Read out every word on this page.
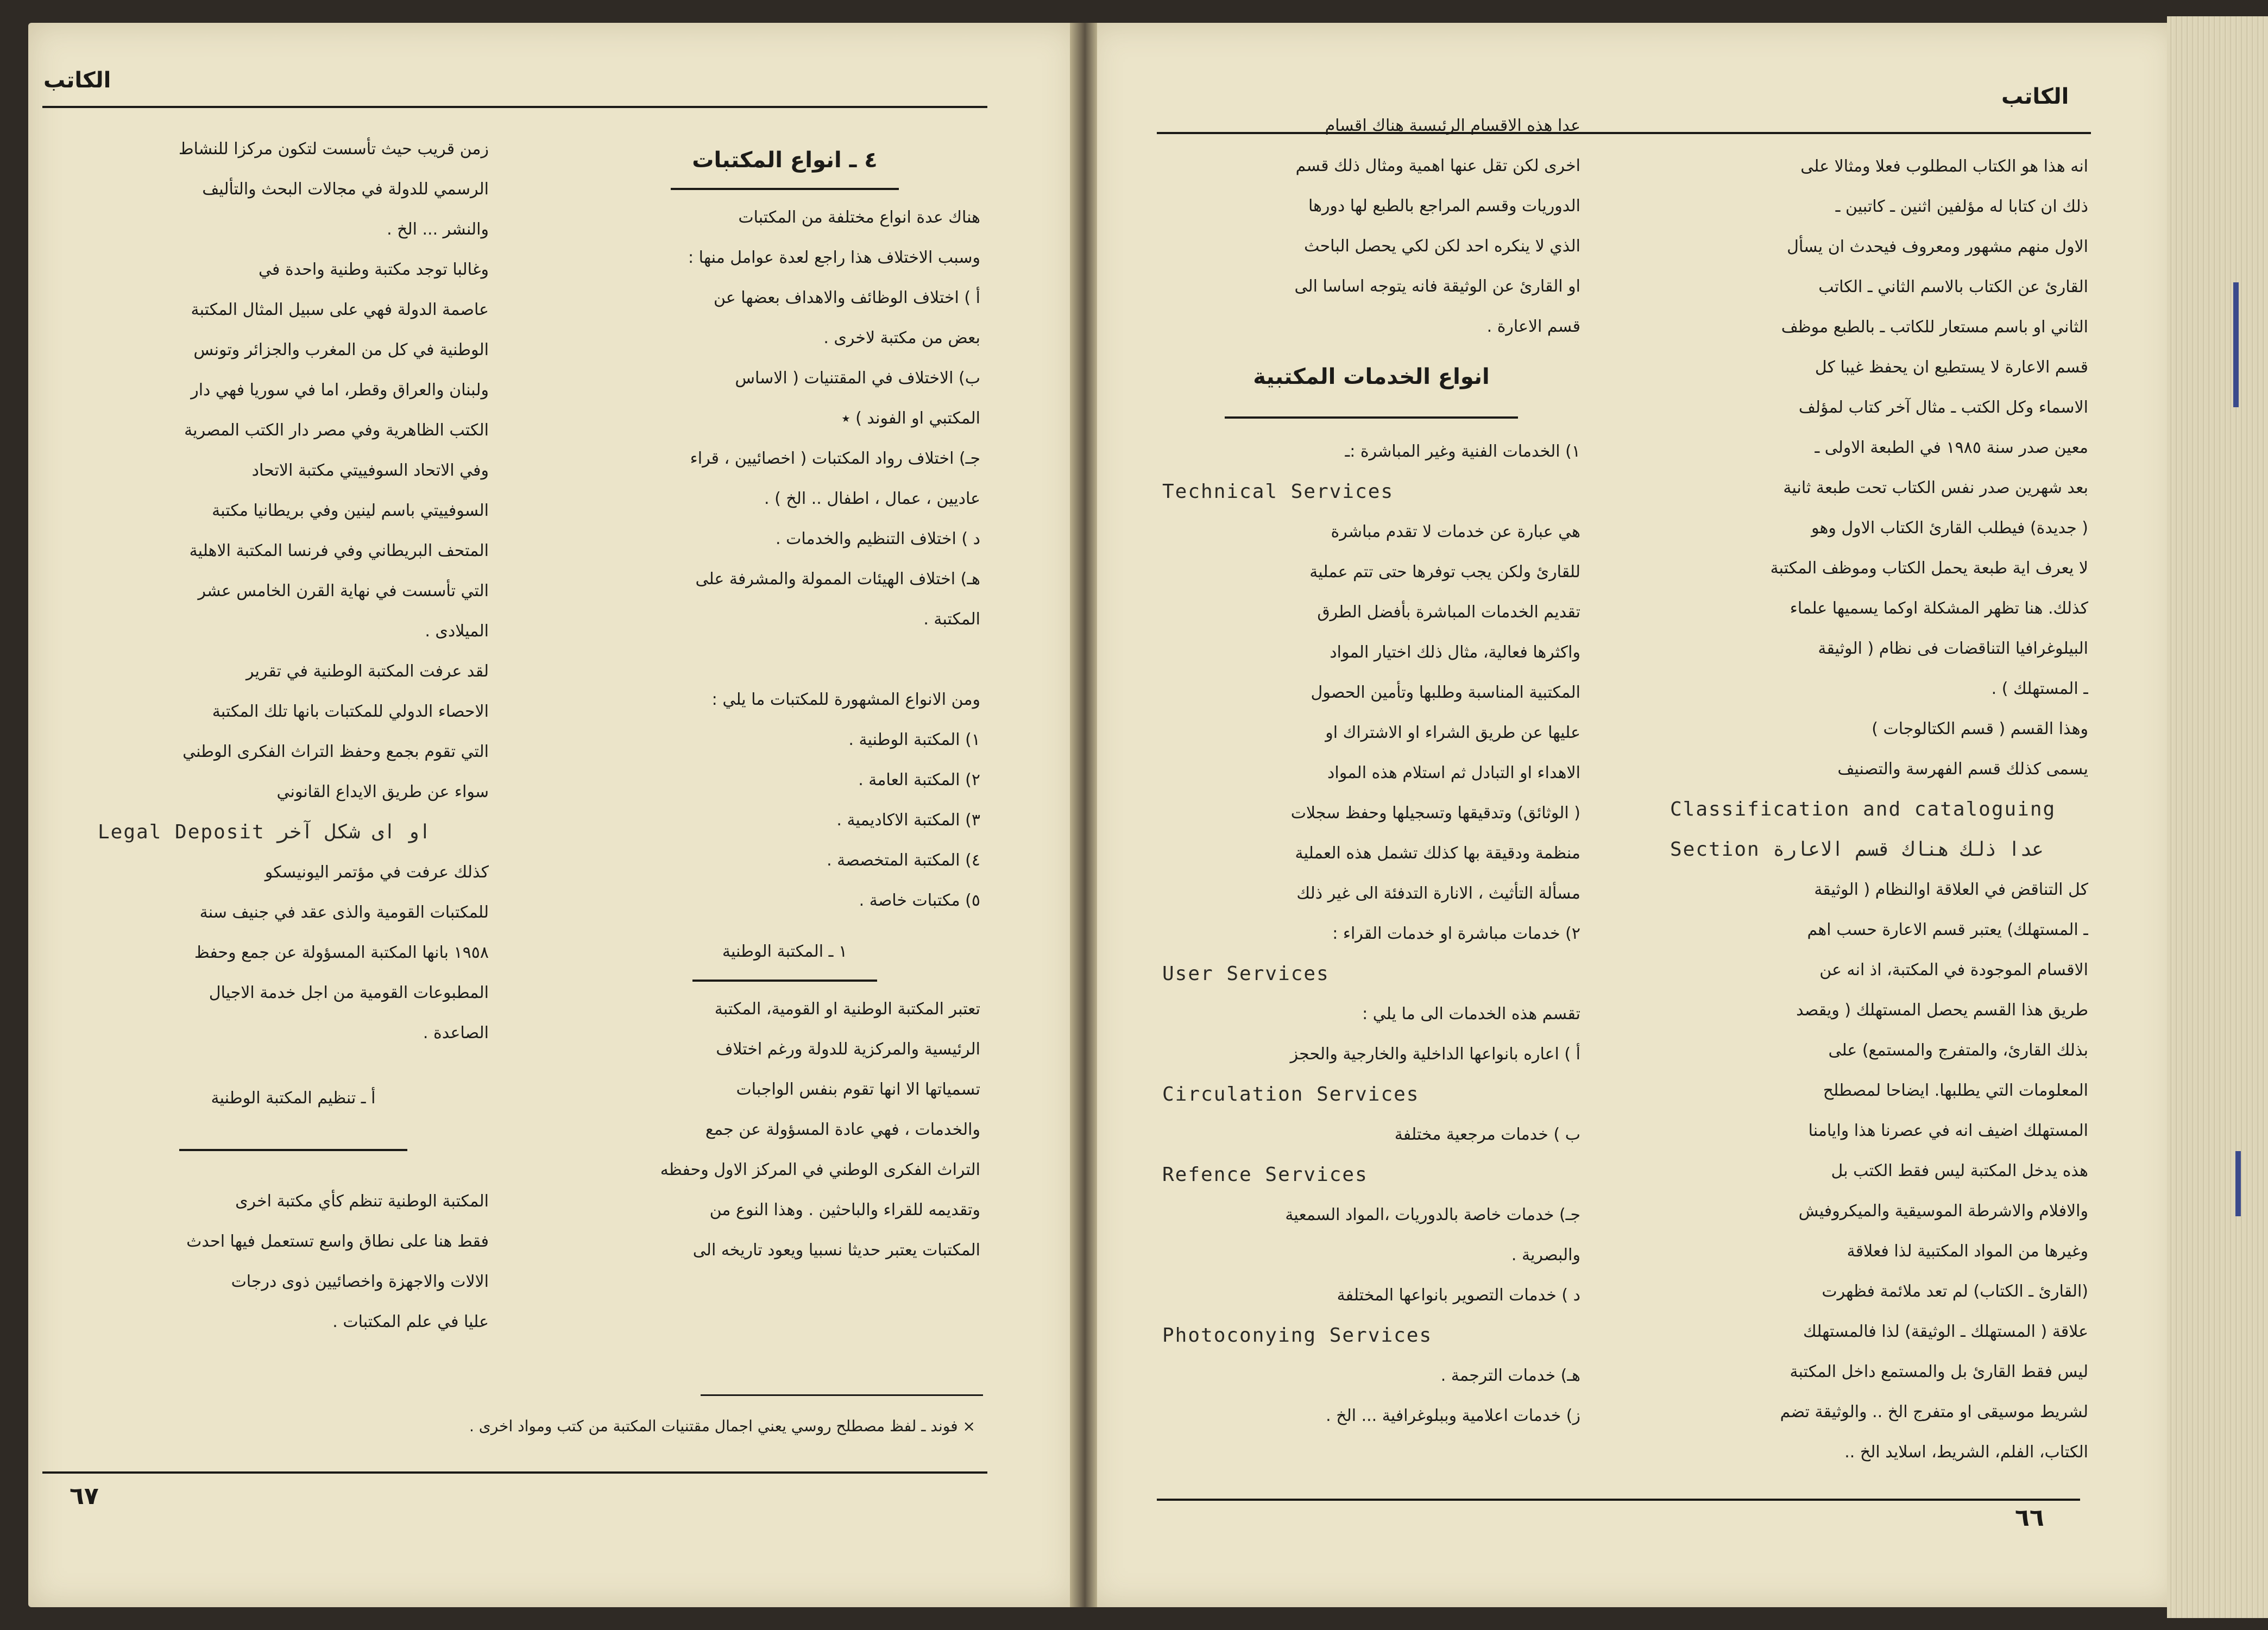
الكاتب
٤ ـ انواع المكتبات
هناك عدة انواع مختلفة من المكتبات
وسبب الاختلاف هذا راجع لعدة عوامل منها :
أ ) اختلاف الوظائف والاهداف بعضها عن
بعض من مكتبة لاخرى .
ب) الاختلاف في المقتنيات ( الاساس
المكتبي او الفوند ) ٭
جـ) اختلاف رواد المكتبات ( اخصائيين ، قراء
عاديين ، عمال ، اطفال .. الخ ) .
د ) اختلاف التنظيم والخدمات .
هـ) اختلاف الهيئات الممولة والمشرفة على
المكتبة .

ومن الانواع المشهورة للمكتبات ما يلي :
١) المكتبة الوطنية .
٢) المكتبة العامة .
٣) المكتبة الاكاديمية .
٤) المكتبة المتخصصة .
٥) مكتبات خاصة .
١ ـ المكتبة الوطنية
تعتبر المكتبة الوطنية او القومية، المكتبة
الرئيسية والمركزية للدولة ورغم اختلاف
تسمياتها الا انها تقوم بنفس الواجبات
والخدمات ، فهي عادة المسؤولة عن جمع
التراث الفكرى الوطني في المركز الاول وحفظه
وتقديمه للقراء والباحثين . وهذا النوع من
المكتبات يعتبر حديثا نسبيا ويعود تاريخه الى
زمن قريب حيث تأسست لتكون مركزا للنشاط
الرسمي للدولة في مجالات البحث والتأليف
والنشر ... الخ .
وغالبا توجد مكتبة وطنية واحدة في
عاصمة الدولة فهي على سبيل المثال المكتبة
الوطنية في كل من المغرب والجزائر وتونس
ولبنان والعراق وقطر، اما في سوريا فهي دار
الكتب الظاهرية وفي مصر دار الكتب المصرية
وفي الاتحاد السوفييتي مكتبة الاتحاد
السوفييتي باسم لينين وفي بريطانيا مكتبة
المتحف البريطاني وفي فرنسا المكتبة الاهلية
التي تأسست في نهاية القرن الخامس عشر
الميلادى .
لقد عرفت المكتبة الوطنية في تقرير
الاحصاء الدولي للمكتبات بانها تلك المكتبة
التي تقوم بجمع وحفظ التراث الفكرى الوطني
سواء عن طريق الايداع القانوني
Legal Deposit او اى شكل آخر
كذلك عرفت في مؤتمر اليونيسكو
للمكتبات القومية والذى عقد في جنيف سنة
١٩٥٨ بانها المكتبة المسؤولة عن جمع وحفظ
المطبوعات القومية من اجل خدمة الاجيال
الصاعدة .
أ ـ تنظيم المكتبة الوطنية
المكتبة الوطنية تنظم كأي مكتبة اخرى
فقط هنا على نطاق واسع تستعمل فيها احدث
الالات والاجهزة واخصائيين ذوى درجات
عليا في علم المكتبات .
× فوند ـ لفظ مصطلح روسي يعني اجمال مقتنيات المكتبة من كتب ومواد اخرى .
٦٧
الكاتب
انه هذا هو الكتاب المطلوب فعلا ومثالا على
ذلك ان كتابا له مؤلفين اثنين ـ كاتبين ـ
الاول منهم مشهور ومعروف فيحدث ان يسأل
القارئ عن الكتاب بالاسم الثاني ـ الكاتب
الثاني او باسم مستعار للكاتب ـ بالطبع موظف
قسم الاعارة لا يستطيع ان يحفظ غيبا كل
الاسماء وكل الكتب ـ مثال آخر كتاب لمؤلف
معين صدر سنة ١٩٨٥ في الطبعة الاولى ـ
بعد شهرين صدر نفس الكتاب تحت طبعة ثانية
( جديدة) فيطلب القارئ الكتاب الاول وهو
لا يعرف اية طبعة يحمل الكتاب وموظف المكتبة
كذلك. هنا تظهر المشكلة اوكما يسميها علماء
البيلوغرافيا التناقضات فى نظام ( الوثيقة
ـ المستهلك ) .
وهذا القسم ( قسم الكتالوجات )
يسمى كذلك قسم الفهرسة والتصنيف
Classification and cataloguing
Section عدا ذلك هناك قسم الاعارة
كل التناقض في العلاقة اوالنظام ( الوثيقة
ـ المستهلك) يعتبر قسم الاعارة حسب اهم
الاقسام الموجودة في المكتبة، اذ انه عن
طريق هذا القسم يحصل المستهلك ( ويقصد
بذلك القارئ، والمتفرج والمستمع) على
المعلومات التي يطلبها. ايضاحا لمصطلح
المستهلك اضيف انه في عصرنا هذا وايامنا
هذه يدخل المكتبة ليس فقط الكتب بل
والافلام والاشرطة الموسيقية والميكروفيش
وغيرها من المواد المكتبية لذا فعلاقة
(القارئ ـ الكتاب) لم تعد ملائمة فظهرت
علاقة ( المستهلك ـ الوثيقة) لذا فالمستهلك
ليس فقط القارئ بل والمستمع داخل المكتبة
لشريط موسيقى او متفرج الخ .. والوثيقة تضم
الكتاب، الفلم، الشريط، اسلايد الخ ..
عدا هذه الاقسام الرئيسية هناك اقسام
اخرى لكن تقل عنها اهمية ومثال ذلك قسم
الدوريات وقسم المراجع بالطبع لها دورها
الذي لا ينكره احد لكن لكي يحصل الباحث
او القارئ عن الوثيقة فانه يتوجه اساسا الى
قسم الاعارة .
انواع الخدمات المكتبية
١) الخدمات الفنية وغير المباشرة :ـ
Technical Services
هي عبارة عن خدمات لا تقدم مباشرة
للقارئ ولكن يجب توفرها حتى تتم عملية
تقديم الخدمات المباشرة بأفضل الطرق
واكثرها فعالية، مثال ذلك اختيار المواد
المكتبية المناسبة وطلبها وتأمين الحصول
عليها عن طريق الشراء او الاشتراك او
الاهداء او التبادل ثم استلام هذه المواد
( الوثائق) وتدقيقها وتسجيلها وحفظ سجلات
منظمة ودقيقة بها كذلك تشمل هذه العملية
مسألة التأثيث ، الانارة التدفئة الى غير ذلك
٢) خدمات مباشرة او خدمات القراء :
User Services
تقسم هذه الخدمات الى ما يلي :
أ ) اعاره بانواعها الداخلية والخارجية والحجز
Circulation Services
ب ) خدمات مرجعية مختلفة
Refence Services
جـ) خدمات خاصة بالدوريات ،المواد السمعية
والبصرية .
د ) خدمات التصوير بانواعها المختلفة
Photoconying Services
هـ) خدمات الترجمة .
ز) خدمات اعلامية وببلوغرافية ... الخ .
٦٦
